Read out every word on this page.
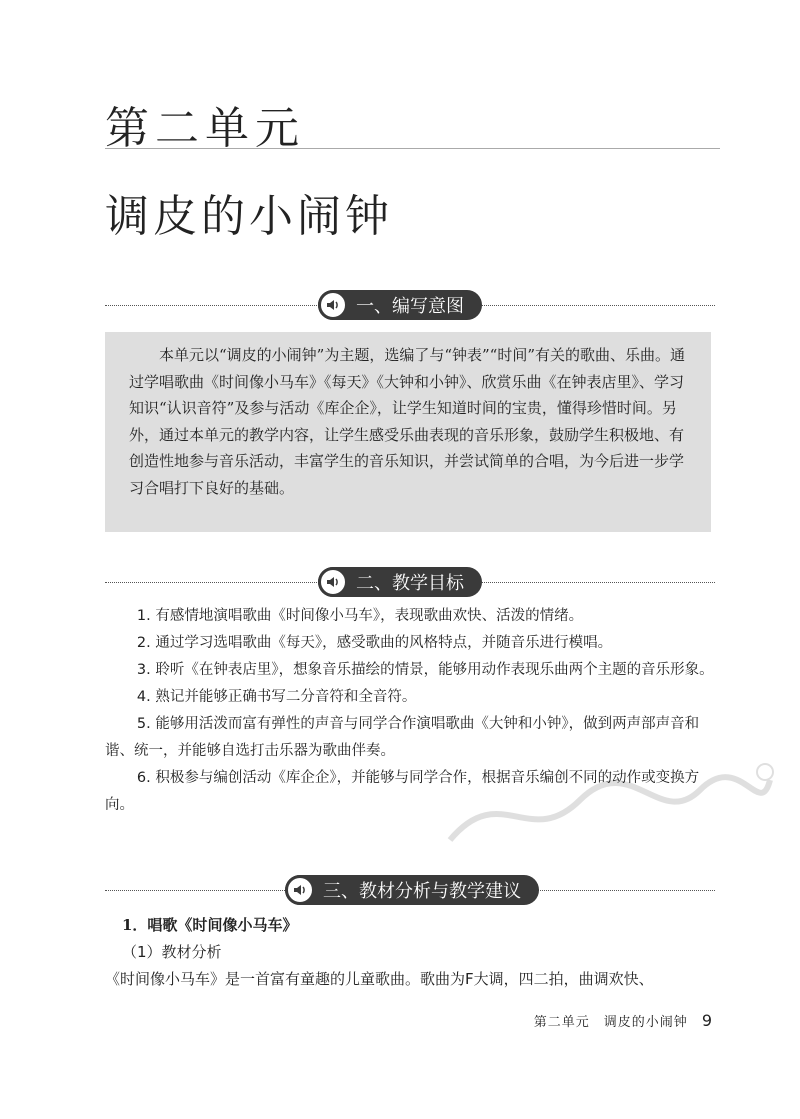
第二单元
调皮的小闹钟
一、编写意图

本单元以“调皮的小闹钟”为主题，选编了与“钟表”“时间”有关的歌曲、乐曲。通过学唱歌曲《时间像小马车》《每天》《大钟和小钟》、欣赏乐曲《在钟表店里》、学习知识“认识音符”及参与活动《库企企》，让学生知道时间的宝贵，懂得珍惜时间。另外，通过本单元的教学内容，让学生感受乐曲表现的音乐形象，鼓励学生积极地、有创造性地参与音乐活动，丰富学生的音乐知识，并尝试简单的合唱，为今后进一步学习合唱打下良好的基础。

二、教学目标
1. 有感情地演唱歌曲《时间像小马车》，表现歌曲欢快、活泼的情绪。
2. 通过学习选唱歌曲《每天》，感受歌曲的风格特点，并随音乐进行模唱。
3. 聆听《在钟表店里》，想象音乐描绘的情景，能够用动作表现乐曲两个主题的音乐形象。
4. 熟记并能够正确书写二分音符和全音符。
5. 能够用活泼而富有弹性的声音与同学合作演唱歌曲《大钟和小钟》，做到两声部声音和谐、统一，并能够自选打击乐器为歌曲伴奏。
6. 积极参与编创活动《库企企》，并能够与同学合作，根据音乐编创不同的动作或变换方向。
三、教材分析与教学建议
1．唱歌《时间像小马车》
（1）教材分析
《时间像小马车》是一首富有童趣的儿童歌曲。歌曲为F大调，四二拍，曲调欢快、
第二单元　调皮的小闹钟 9
